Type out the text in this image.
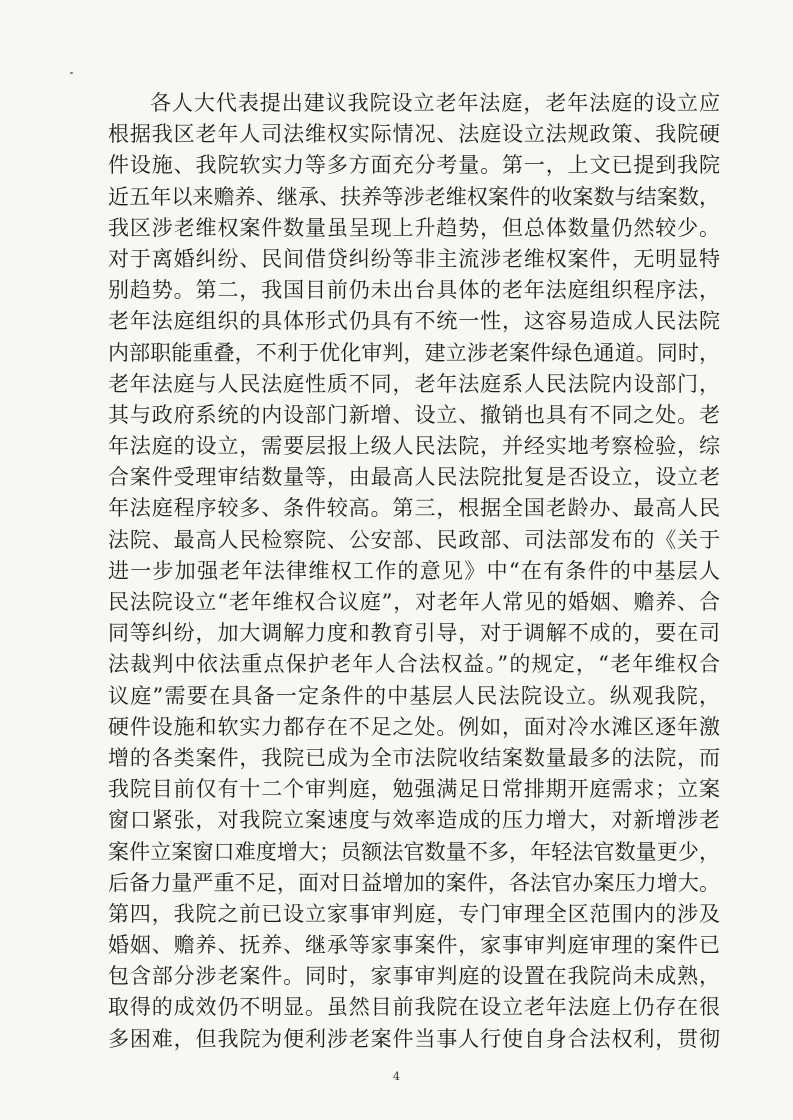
各人大代表提出建议我院设立老年法庭，老年法庭的设立应
根据我区老年人司法维权实际情况、法庭设立法规政策、我院硬
件设施、我院软实力等多方面充分考量。第一，上文已提到我院
近五年以来赡养、继承、扶养等涉老维权案件的收案数与结案数，
我区涉老维权案件数量虽呈现上升趋势，但总体数量仍然较少。
对于离婚纠纷、民间借贷纠纷等非主流涉老维权案件，无明显特
别趋势。第二，我国目前仍未出台具体的老年法庭组织程序法，
老年法庭组织的具体形式仍具有不统一性，这容易造成人民法院
内部职能重叠，不利于优化审判，建立涉老案件绿色通道。同时，
老年法庭与人民法庭性质不同，老年法庭系人民法院内设部门，
其与政府系统的内设部门新增、设立、撤销也具有不同之处。老
年法庭的设立，需要层报上级人民法院，并经实地考察检验，综
合案件受理审结数量等，由最高人民法院批复是否设立，设立老
年法庭程序较多、条件较高。第三，根据全国老龄办、最高人民
法院、最高人民检察院、公安部、民政部、司法部发布的《关于
进一步加强老年法律维权工作的意见》中“在有条件的中基层人
民法院设立“老年维权合议庭”，对老年人常见的婚姻、赡养、合
同等纠纷，加大调解力度和教育引导，对于调解不成的，要在司
法裁判中依法重点保护老年人合法权益。”的规定，“老年维权合
议庭”需要在具备一定条件的中基层人民法院设立。纵观我院，
硬件设施和软实力都存在不足之处。例如，面对冷水滩区逐年激
增的各类案件，我院已成为全市法院收结案数量最多的法院，而
我院目前仅有十二个审判庭，勉强满足日常排期开庭需求；立案
窗口紧张，对我院立案速度与效率造成的压力增大，对新增涉老
案件立案窗口难度增大；员额法官数量不多，年轻法官数量更少，
后备力量严重不足，面对日益增加的案件，各法官办案压力增大。
第四，我院之前已设立家事审判庭，专门审理全区范围内的涉及
婚姻、赡养、抚养、继承等家事案件，家事审判庭审理的案件已
包含部分涉老案件。同时，家事审判庭的设置在我院尚未成熟，
取得的成效仍不明显。虽然目前我院在设立老年法庭上仍存在很
多困难，但我院为便利涉老案件当事人行使自身合法权利，贯彻
4
